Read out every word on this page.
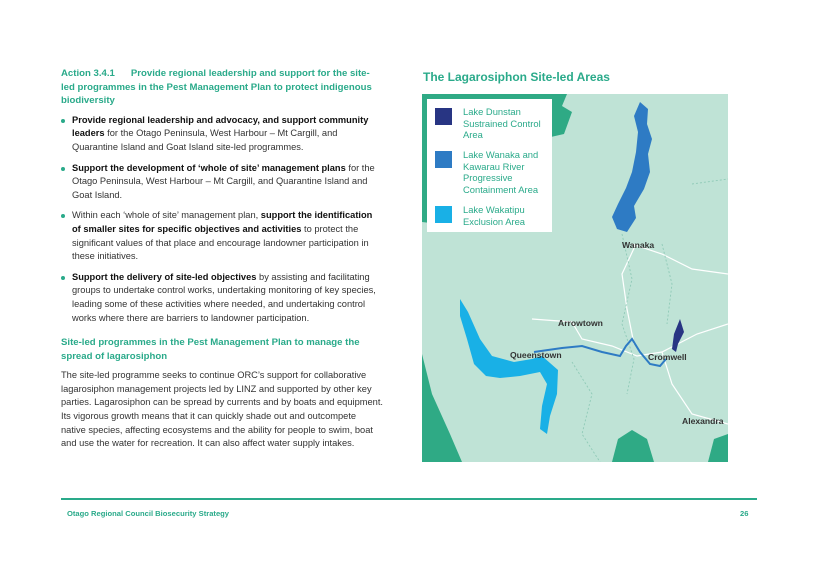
Action 3.4.1 Provide regional leadership and support for the site-led programmes in the Pest Management Plan to protect indigenous biodiversity
Provide regional leadership and advocacy, and support community leaders for the Otago Peninsula, West Harbour – Mt Cargill, and Quarantine Island and Goat Island site-led programmes.
Support the development of ‘whole of site’ management plans for the Otago Peninsula, West Harbour – Mt Cargill, and Quarantine Island and Goat Island.
Within each ‘whole of site’ management plan, support the identification of smaller sites for specific objectives and activities to protect the significant values of that place and encourage landowner participation in these initiatives.
Support the delivery of site-led objectives by assisting and facilitating groups to undertake control works, undertaking monitoring of key species, leading some of these activities where needed, and undertaking control works where there are barriers to landowner participation.
Site-led programmes in the Pest Management Plan to manage the spread of lagarosiphon

The site-led programme seeks to continue ORC’s support for collaborative lagarosiphon management projects led by LINZ and supported by other key parties. Lagarosiphon can be spread by currents and by boats and equipment. Its vigorous growth means that it can quickly shade out and outcompete native species, affecting ecosystems and the ability for people to swim, boat and use the water for recreation. It can also affect water supply intakes.

The Lagarosiphon Site-led Areas
Wanaka
Arrowtown
Queenstown	Cromwell
Alexandra
Lake Dunstan Sustrained Control Area
Lake Wanaka and Kawarau River Progressive Containment Area
Lake Wakatipu Exclusion Area
Otago Regional Council Biosecurity Strategy	26
